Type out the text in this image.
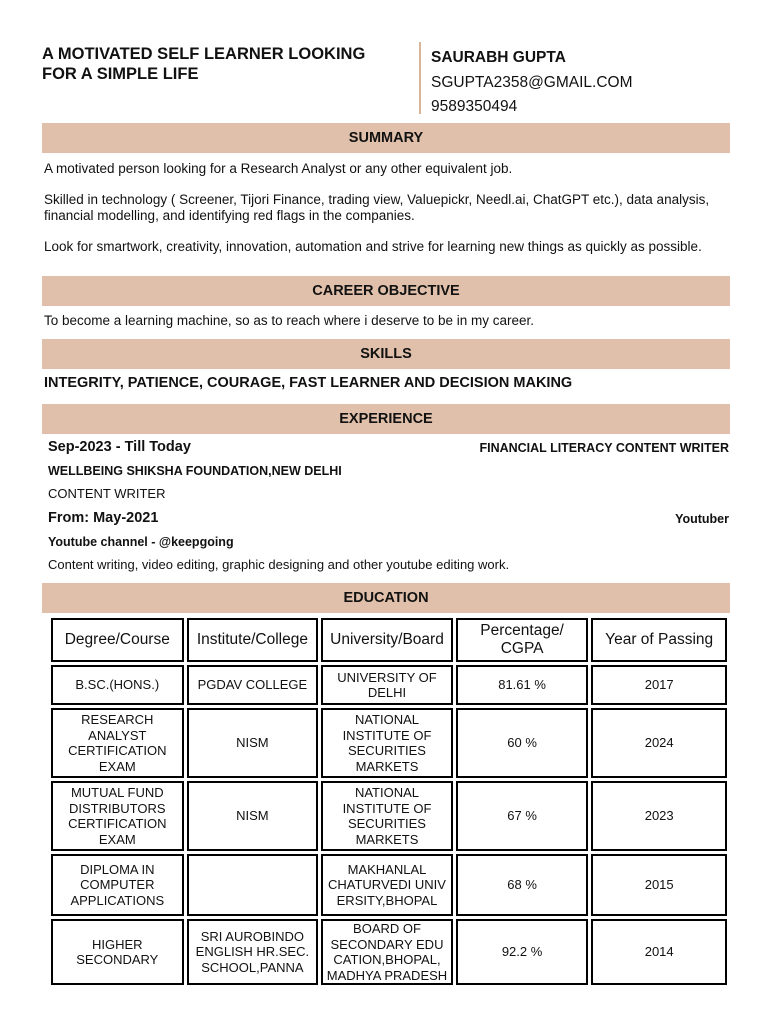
A MOTIVATED SELF LEARNER LOOKING FOR A SIMPLE LIFE
SAURABH GUPTA
SGUPTA2358@GMAIL.COM
9589350494
SUMMARY
A motivated person looking for a Research Analyst or any other equivalent job.
Skilled in technology ( Screener, Tijori Finance, trading view, Valuepickr, Needl.ai, ChatGPT etc.), data analysis, financial modelling, and identifying red flags in the companies.
Look for smartwork, creativity, innovation, automation and strive for learning new things as quickly as possible.
CAREER OBJECTIVE
To become a learning machine, so as to reach where i deserve to be in my career.
SKILLS
INTEGRITY, PATIENCE, COURAGE, FAST LEARNER AND DECISION MAKING
EXPERIENCE
Sep-2023 - Till Today	FINANCIAL LITERACY CONTENT WRITER
WELLBEING SHIKSHA FOUNDATION,NEW DELHI
CONTENT WRITER
From: May-2021	Youtuber
Youtube channel - @keepgoing
Content writing, video editing, graphic designing and other youtube editing work.
EDUCATION
Degree/Course	Institute/College	University/Board	Percentage/ CGPA	Year of Passing
B.SC.(HONS.)	PGDAV COLLEGE	UNIVERSITY OF DELHI	81.61 %	2017
RESEARCH ANALYST CERTIFICATION EXAM	NISM	NATIONAL INSTITUTE OF SECURITIES MARKETS	60 %	2024
MUTUAL FUND DISTRIBUTORS CERTIFICATION EXAM	NISM	NATIONAL INSTITUTE OF SECURITIES MARKETS	67 %	2023
DIPLOMA IN COMPUTER APPLICATIONS		MAKHANLAL CHATURVEDI UNIV ERSITY,BHOPAL	68 %	2015
HIGHER SECONDARY	SRI AUROBINDO ENGLISH HR.SEC. SCHOOL,PANNA	BOARD OF SECONDARY EDU CATION,BHOPAL, MADHYA PRADESH	92.2 %	2014
